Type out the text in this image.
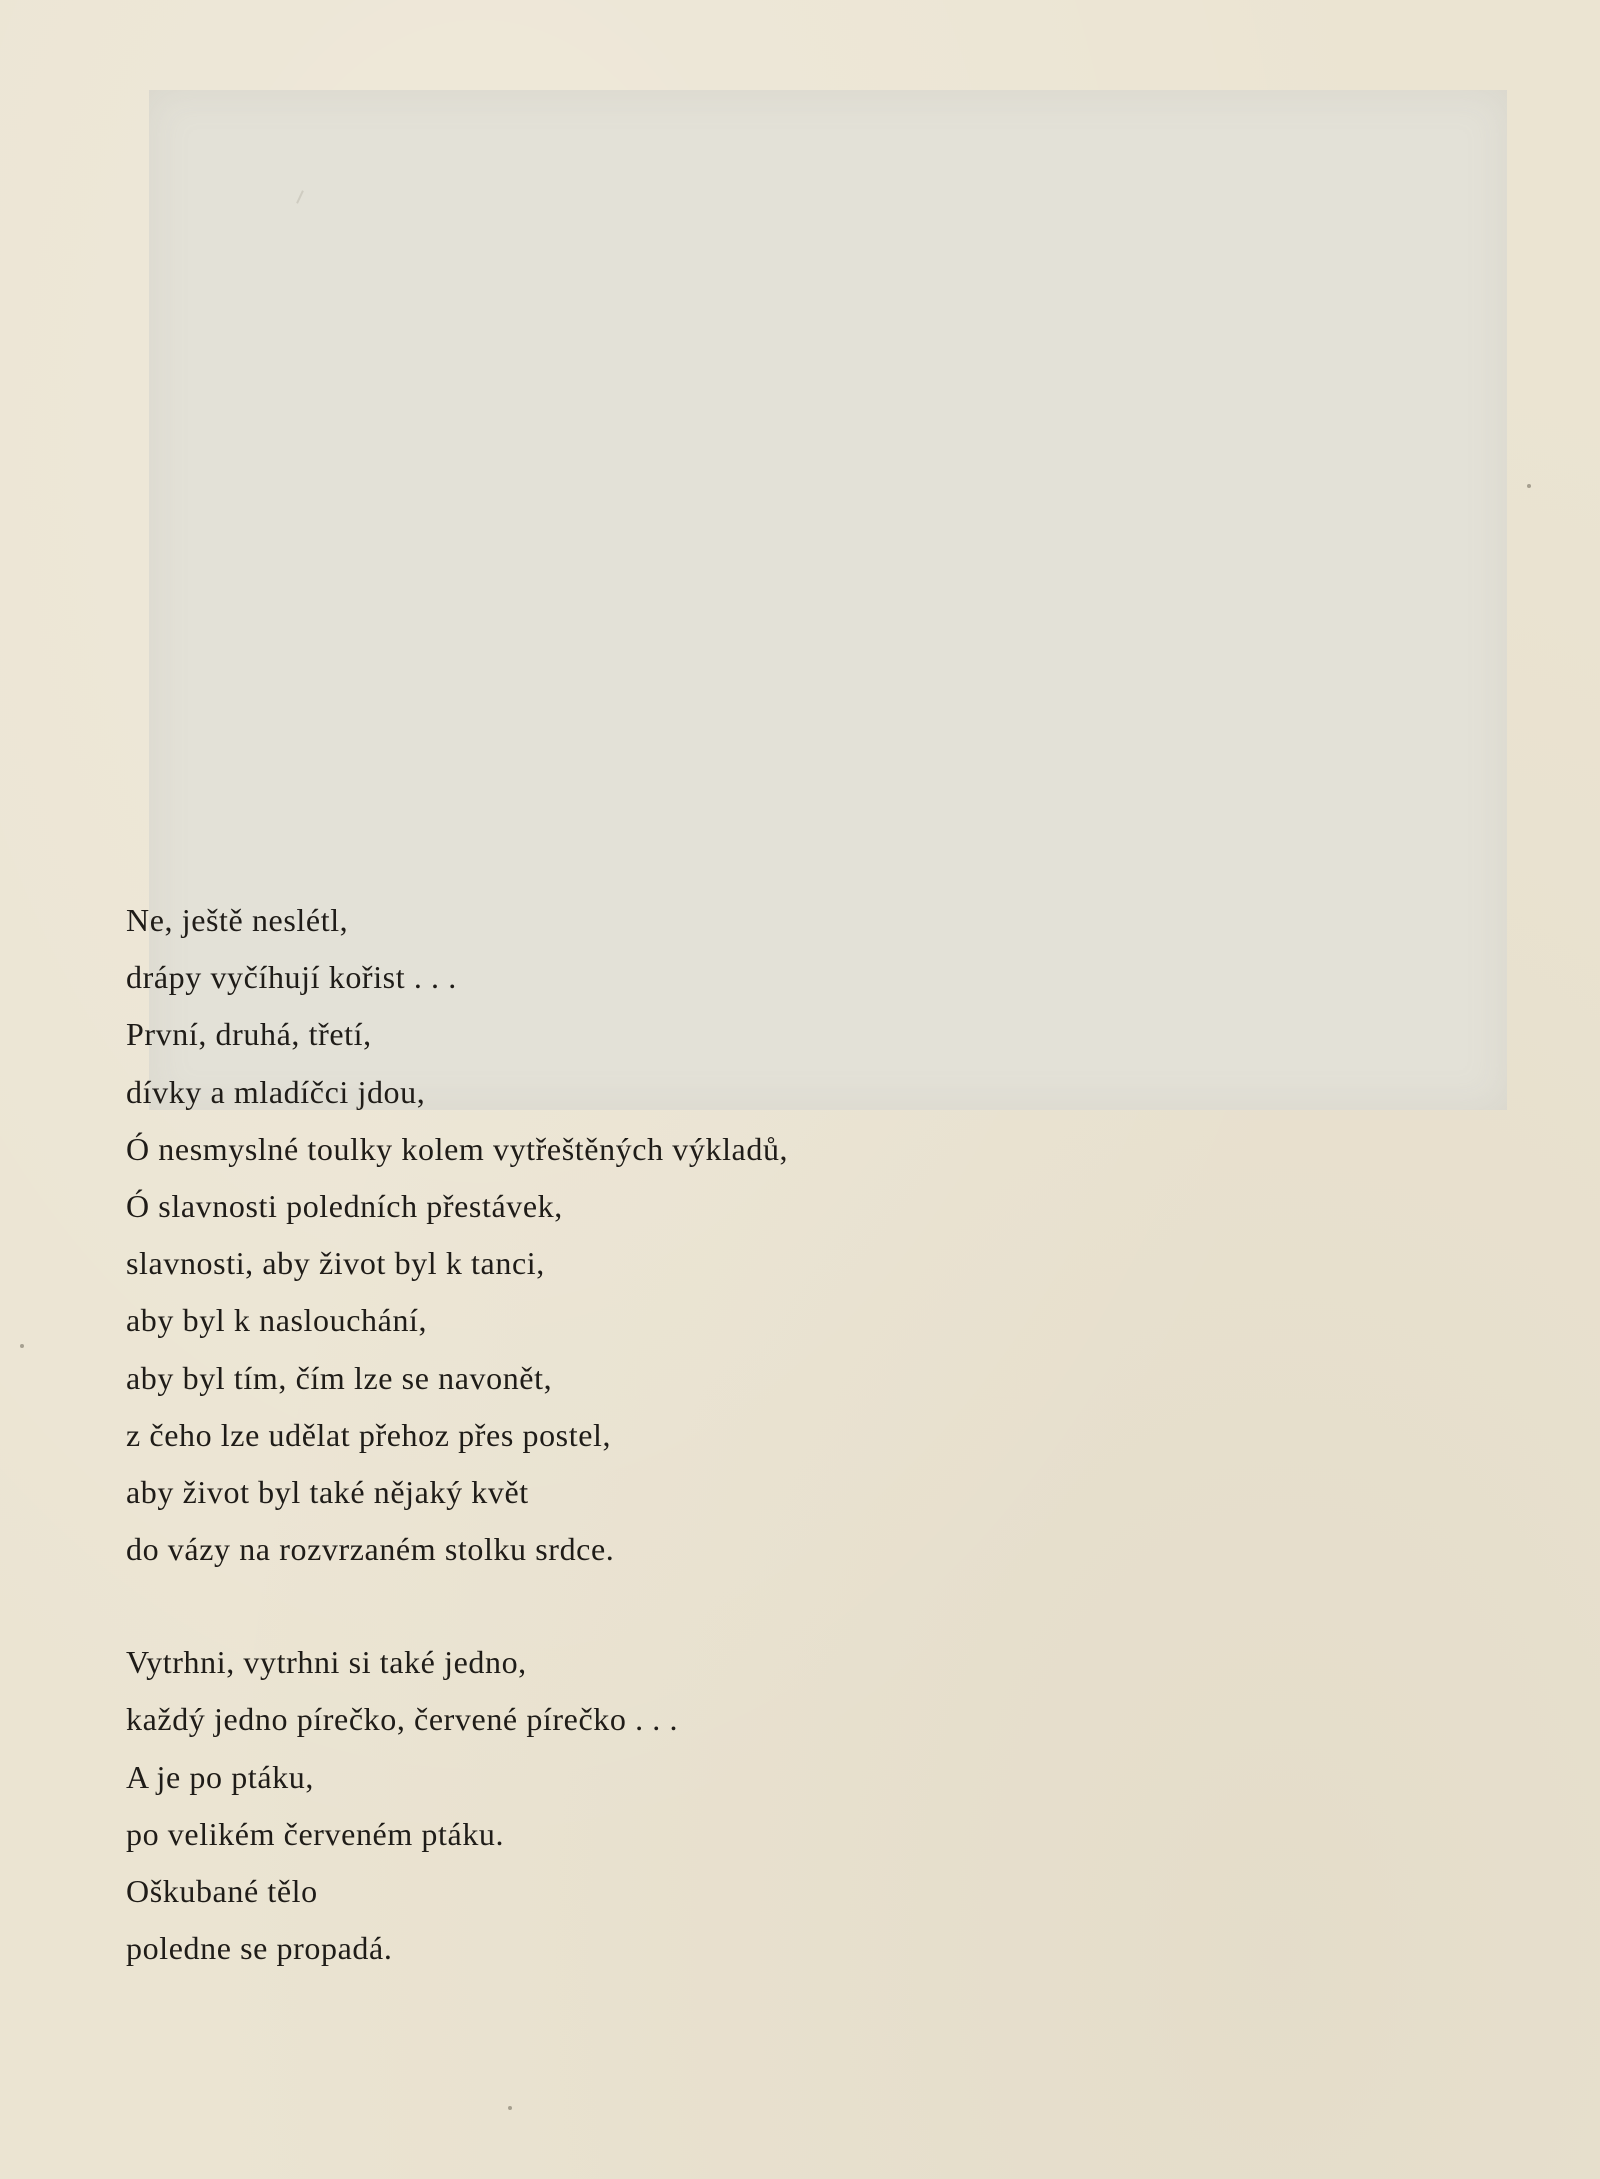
Ne, ještě neslétl,
drápy vyčíhují kořist . . .
První, druhá, třetí,
dívky a mladíčci jdou,
Ó nesmyslné toulky kolem vytřeštěných výkladů,
Ó slavnosti poledních přestávek,
slavnosti, aby život byl k tanci,
aby byl k naslouchání,
aby byl tím, čím lze se navonět,
z čeho lze udělat přehoz přes postel,
aby život byl také nějaký květ
do vázy na rozvrzaném stolku srdce.
Vytrhni, vytrhni si také jedno,
každý jedno pírečko, červené pírečko . . .
A je po ptáku,
po velikém červeném ptáku.
Oškubané tělo
poledne se propadá.
